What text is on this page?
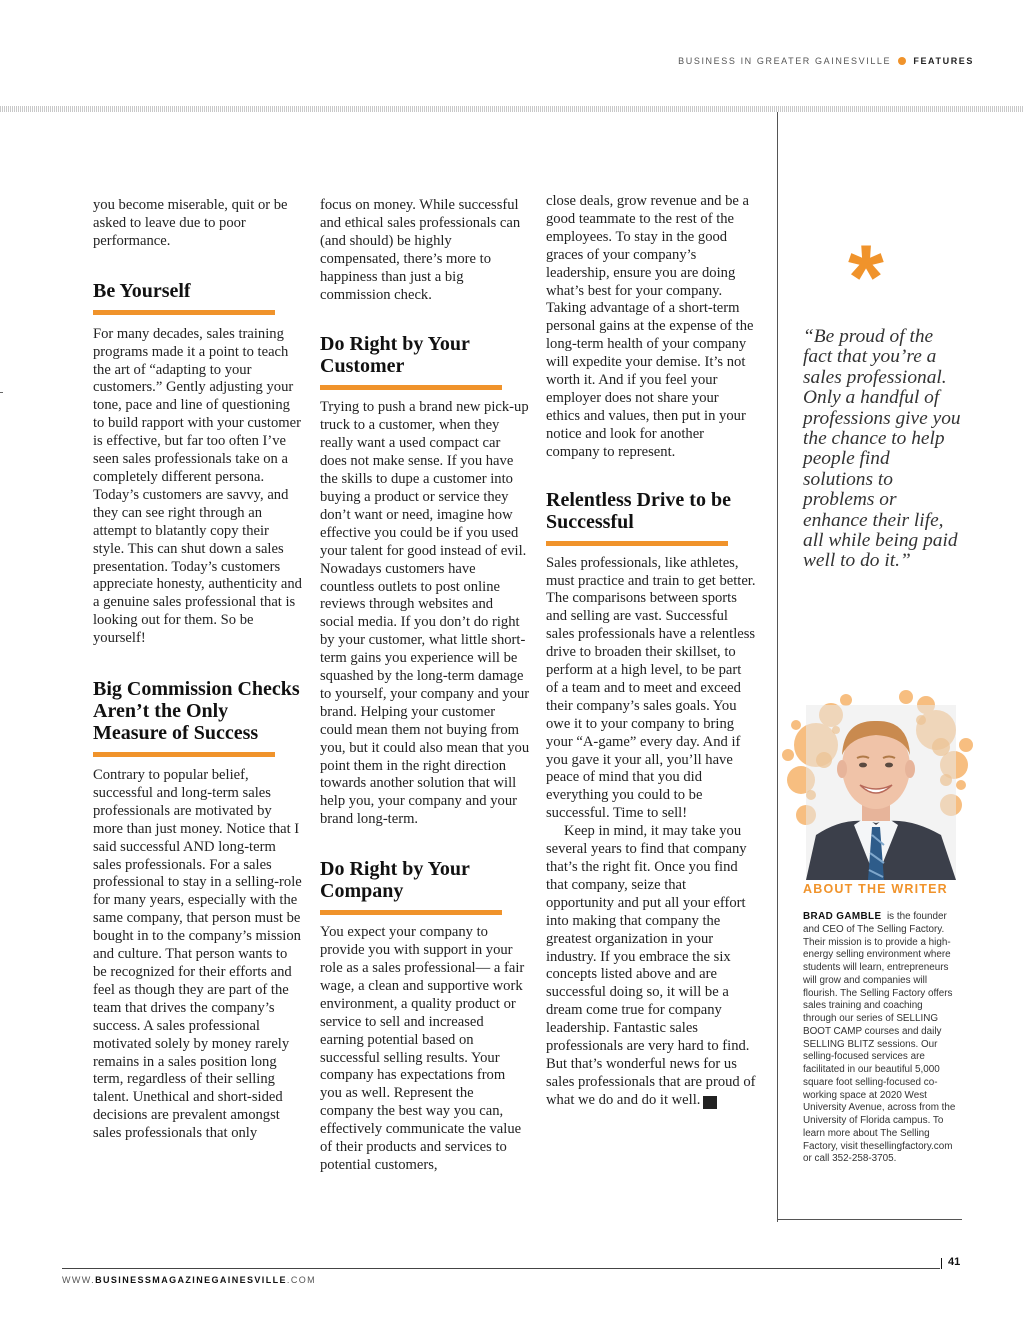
BUSINESS IN GREATER GAINESVILLE FEATURES

you become miserable, quit or be asked to leave due to poor performance.

Be Yourself

For many decades, sales training programs made it a point to teach the art of “adapting to your customers.” Gently adjusting your tone, pace and line of questioning to build rapport with your customer is effective, but far too often I’ve seen sales professionals take on a completely different persona. Today’s customers are savvy, and they can see right through an attempt to blatantly copy their style. This can shut down a sales presentation. Today’s customers appreciate honesty, authenticity and a genuine sales professional that is looking out for them. So be yourself!

Big Commission Checks Aren’t the Only Measure of Success

Contrary to popular belief, successful and long-term sales professionals are motivated by more than just money. Notice that I said successful AND long-term sales professionals. For a sales professional to stay in a selling-role for many years, especially with the same company, that person must be bought in to the company’s mission and culture. That person wants to be recognized for their efforts and feel as though they are part of the team that drives the company’s success. A sales professional motivated solely by money rarely remains in a sales position long term, regardless of their selling talent. Unethical and short-sided decisions are prevalent amongst sales professionals that only

focus on money. While successful and ethical sales professionals can (and should) be highly compensated, there’s more to happiness than just a big commission check.

Do Right by Your Customer

Trying to push a brand new pick-up truck to a customer, when they really want a used compact car does not make sense. If you have the skills to dupe a customer into buying a product or service they don’t want or need, imagine how effective you could be if you used your talent for good instead of evil. Nowadays customers have countless outlets to post online reviews through websites and social media. If you don’t do right by your customer, what little short-term gains you experience will be squashed by the long-term damage to yourself, your company and your brand. Helping your customer could mean them not buying from you, but it could also mean that you point them in the right direction towards another solution that will help you, your company and your brand long-term.

Do Right by Your Company

You expect your company to provide you with support in your role as a sales professional— a fair wage, a clean and supportive work environment, a quality product or service to sell and increased earning potential based on successful selling results. Your company has expectations from you as well. Represent the company the best way you can, effectively communicate the value of their products and services to potential customers,

close deals, grow revenue and be a good teammate to the rest of the employees. To stay in the good graces of your company’s leadership, ensure you are doing what’s best for your company. Taking advantage of a short-term personal gains at the expense of the long-term health of your company will expedite your demise. It’s not worth it. And if you feel your employer does not share your ethics and values, then put in your notice and look for another company to represent.

Relentless Drive to be Successful

Sales professionals, like athletes, must practice and train to get better. The comparisons between sports and selling are vast. Successful sales professionals have a relentless drive to broaden their skillset, to perform at a high level, to be part of a team and to meet and exceed their company’s sales goals. You owe it to your company to bring your “A-game” every day. And if you gave it your all, you’ll have peace of mind that you did everything you could to be successful. Time to sell!

Keep in mind, it may take you several years to find that company that’s the right fit. Once you find that company, seize that opportunity and put all your effort into making that company the greatest organization in your industry. If you embrace the six concepts listed above and are successful doing so, it will be a dream come true for company leadership. Fantastic sales professionals are very hard to find. But that’s wonderful news for us sales professionals that are proud of what we do and do it well. B

*
“Be proud of the fact that you’re a sales professional. Only a handful of professions give you the chance to help people find solutions to problems or enhance their life, all while being paid well to do it.”
ABOUT THE WRITER
BRAD GAMBLE is the founder and CEO of The Selling Factory. Their mission is to provide a high-energy selling environment where students will learn, entrepreneurs will grow and companies will flourish. The Selling Factory offers sales training and coaching through our series of SELLING BOOT CAMP courses and daily SELLING BLITZ sessions. Our selling-focused services are facilitated in our beautiful 5,000 square foot selling-focused co-working space at 2020 West University Avenue, across from the University of Florida campus. To learn more about The Selling Factory, visit thesellingfactory.com or call 352-258-3705.
41
WWW.BUSINESSMAGAZINEGAINESVILLE.COM
